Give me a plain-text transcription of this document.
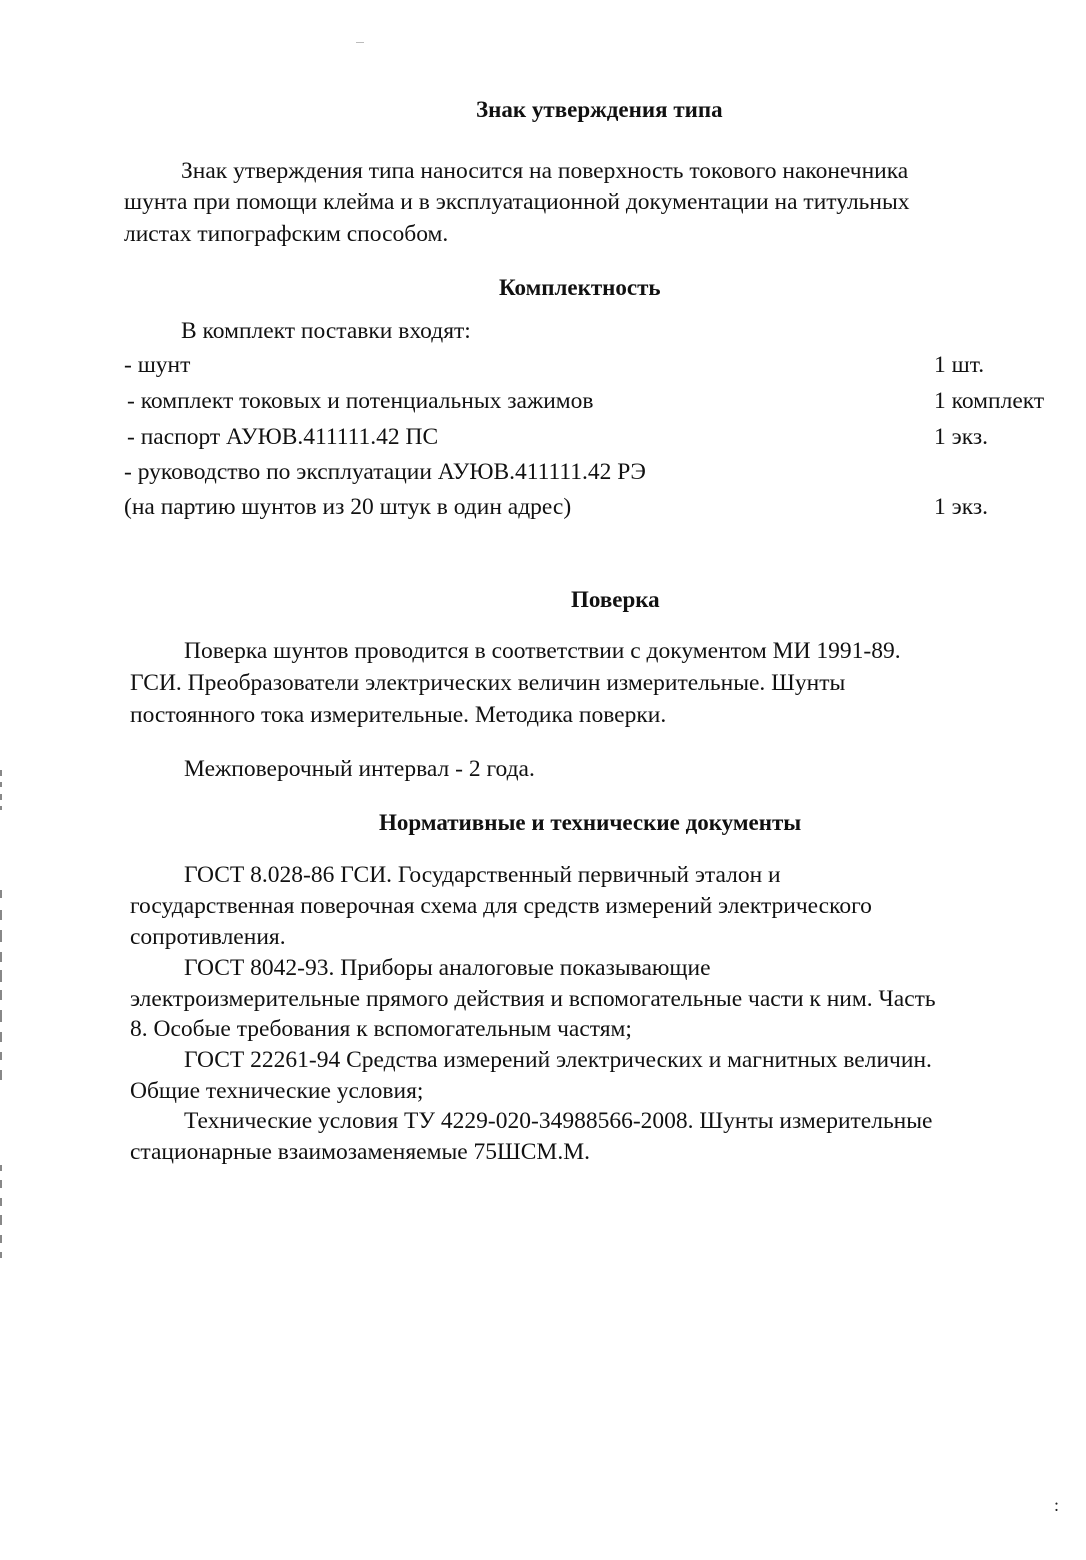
Знак утверждения типа
Знак утверждения типа наносится на поверхность токового наконечника
шунта при помощи клейма и в эксплуатационной документации на титульных
листах типографским способом.
Комплектность
В комплект поставки входят:
- шунт	1 шт.
- комплект токовых и потенциальных зажимов	1 комплект
- паспорт АУЮВ.411111.42 ПС	1 экз.
- руководство по эксплуатации АУЮВ.411111.42 РЭ
(на партию шунтов из 20 штук в один адрес)	1 экз.
Поверка
Поверка шунтов проводится в соответствии с документом МИ 1991-89.
ГСИ. Преобразователи электрических величин измерительные. Шунты
постоянного тока измерительные. Методика поверки.
Межповерочный интервал - 2 года.
Нормативные и технические документы
ГОСТ 8.028-86 ГСИ. Государственный первичный эталон и
государственная поверочная схема для средств измерений электрического
сопротивления.
ГОСТ 8042-93. Приборы аналоговые показывающие
электроизмерительные прямого действия и вспомогательные части к ним. Часть
8. Особые требования к вспомогательным частям;
ГОСТ 22261-94 Средства измерений электрических и магнитных величин.
Общие технические условия;
Технические условия ТУ 4229-020-34988566-2008. Шунты измерительные
стационарные взаимозаменяемые 75ШСМ.М.
:
